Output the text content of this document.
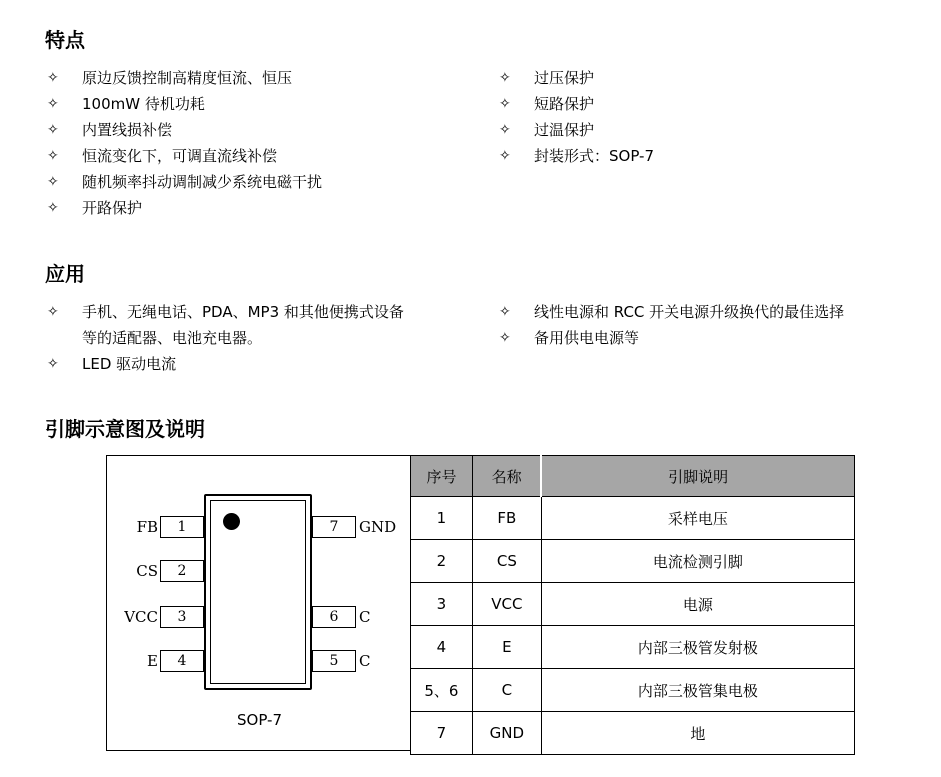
特点
✧ 原边反馈控制高精度恒流、恒压
✧ 100mW 待机功耗
✧ 内置线损补偿
✧ 恒流变化下，可调直流线补偿
✧ 随机频率抖动调制减少系统电磁干扰
✧ 开路保护
✧ 过压保护
✧ 短路保护
✧ 过温保护
✧ 封装形式：SOP-7
应用
✧ 手机、无绳电话、PDA、MP3 和其他便携式设备
等的适配器、电池充电器。
✧ LED 驱动电流
✧ 线性电源和 RCC 开关电源升级换代的最佳选择
✧ 备用供电电源等
引脚示意图及说明
FB	1
CS	2
VCC	3
E	4
7	GND
6	C
5	C
SOP-7
序号	名称	引脚说明
1	FB	采样电压
2	CS	电流检测引脚
3	VCC	电源
4	E	内部三极管发射极
5、6	C	内部三极管集电极
7	GND	地
